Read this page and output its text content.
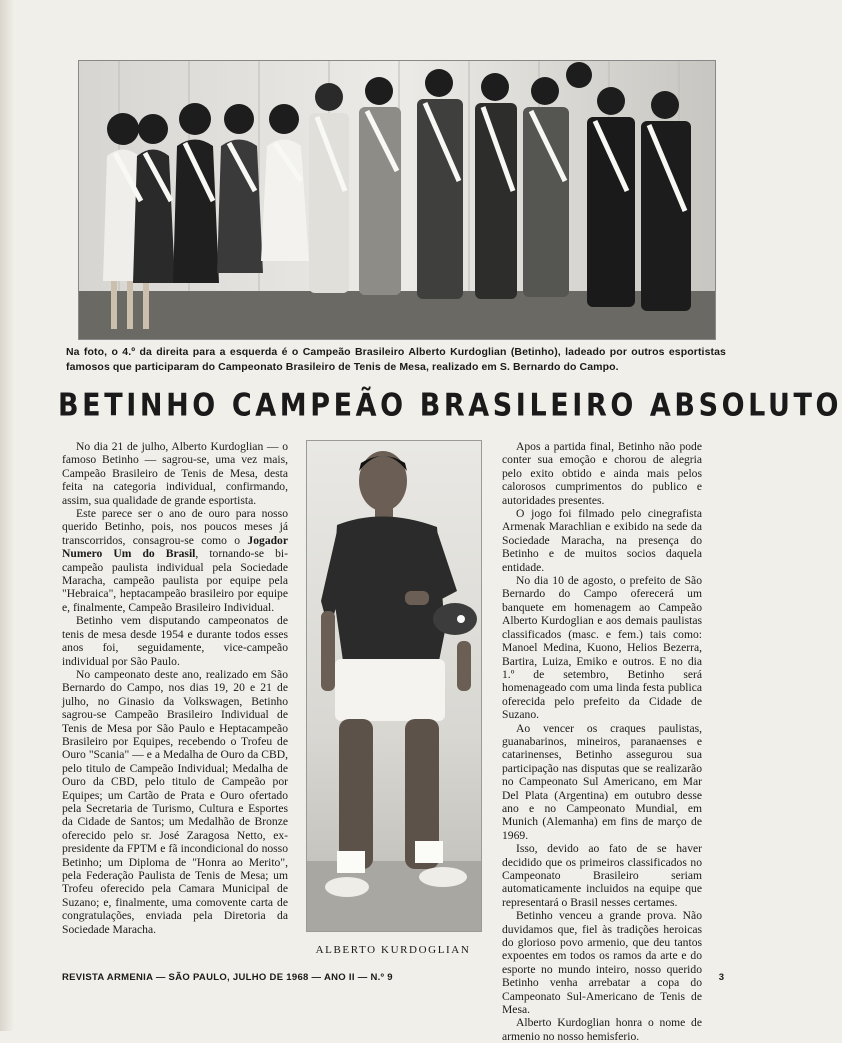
Na foto, o 4.º da direita para a esquerda é o Campeão Brasileiro Alberto Kurdoglian (Betinho), ladeado por outros esportistas famosos que participaram do Campeonato Brasileiro de Tenis de Mesa, realizado em S. Bernardo do Campo.
BETINHO CAMPEÃO BRASILEIRO ABSOLUTO

No dia 21 de julho, Alberto Kurdoglian — o famoso Betinho — sagrou-se, uma vez mais, Campeão Brasileiro de Tenis de Mesa, desta feita na categoria individual, confirmando, assim, sua qualidade de grande esportista.

Este parece ser o ano de ouro para nosso querido Betinho, pois, nos poucos meses já transcorridos, consagrou-se como o Jogador Numero Um do Brasil, tornando-se bi-campeão paulista individual pela Sociedade Maracha, campeão paulista por equipe pela "Hebraica", heptacampeão brasileiro por equipe e, finalmente, Campeão Brasileiro Individual.

Betinho vem disputando campeonatos de tenis de mesa desde 1954 e durante todos esses anos foi, seguidamente, vice-campeão individual por São Paulo.

No campeonato deste ano, realizado em São Bernardo do Campo, nos dias 19, 20 e 21 de julho, no Ginasio da Volkswagen, Betinho sagrou-se Campeão Brasileiro Individual de Tenis de Mesa por São Paulo e Heptacampeão Brasileiro por Equipes, recebendo o Trofeu de Ouro "Scania" — e a Medalha de Ouro da CBD, pelo titulo de Campeão Individual; Medalha de Ouro da CBD, pelo titulo de Campeão por Equipes; um Cartão de Prata e Ouro ofertado pela Secretaria de Turismo, Cultura e Esportes da Cidade de Santos; um Medalhão de Bronze oferecido pelo sr. José Zaragosa Netto, ex-presidente da FPTM e fã incondicional do nosso Betinho; um Diploma de "Honra ao Merito", pela Federação Paulista de Tenis de Mesa; um Trofeu oferecido pela Camara Municipal de Suzano; e, finalmente, uma comovente carta de congratulações, enviada pela Diretoria da Sociedade Maracha.

ALBERTO KURDOGLIAN

Apos a partida final, Betinho não pode conter sua emoção e chorou de alegria pelo exito obtido e ainda mais pelos calorosos cumprimentos do publico e autoridades presentes.

O jogo foi filmado pelo cinegrafista Armenak Marachlian e exibido na sede da Sociedade Maracha, na presença do Betinho e de muitos socios daquela entidade.

No dia 10 de agosto, o prefeito de São Bernardo do Campo oferecerá um banquete em homenagem ao Campeão Alberto Kurdoglian e aos demais paulistas classificados (masc. e fem.) tais como: Manoel Medina, Kuono, Helios Bezerra, Bartira, Luiza, Emiko e outros. E no dia 1.º de setembro, Betinho será homenageado com uma linda festa publica oferecida pelo prefeito da Cidade de Suzano.

Ao vencer os craques paulistas, guanabarinos, mineiros, paranaenses e catarinenses, Betinho assegurou sua participação nas disputas que se realizarão no Campeonato Sul Americano, em Mar Del Plata (Argentina) em outubro desse ano e no Campeonato Mundial, em Munich (Alemanha) em fins de março de 1969.

Isso, devido ao fato de se haver decidido que os primeiros classificados no Campeonato Brasileiro seriam automaticamente incluidos na equipe que representará o Brasil nesses certames.

Betinho venceu a grande prova. Não duvidamos que, fiel às tradições heroicas do glorioso povo armenio, que deu tantos expoentes em todos os ramos da arte e do esporte no mundo inteiro, nosso querido Betinho venha arrebatar a copa do Campeonato Sul-Americano de Tenis de Mesa.

Alberto Kurdoglian honra o nome de armenio no nosso hemisferio.

REVISTA ARMENIA — SÃO PAULO, JULHO DE 1968 — ANO II — N.º 9	3
